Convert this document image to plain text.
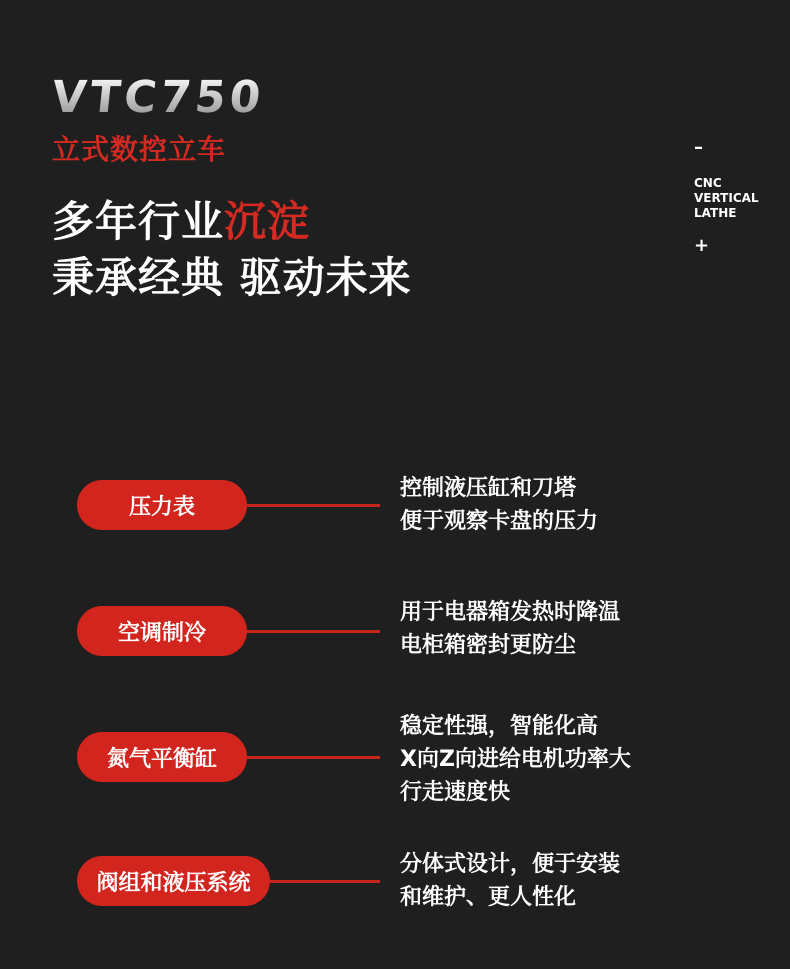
VTC750
立式数控立车
多年行业沉淀
秉承经典 驱动未来
–
CNC
VERTICAL
LATHE
+
压力表
控制液压缸和刀塔
便于观察卡盘的压力
空调制冷
用于电器箱发热时降温
电柜箱密封更防尘
氮气平衡缸
稳定性强，智能化高
X向Z向进给电机功率大
行走速度快
阀组和液压系统
分体式设计，便于安装
和维护、更人性化
